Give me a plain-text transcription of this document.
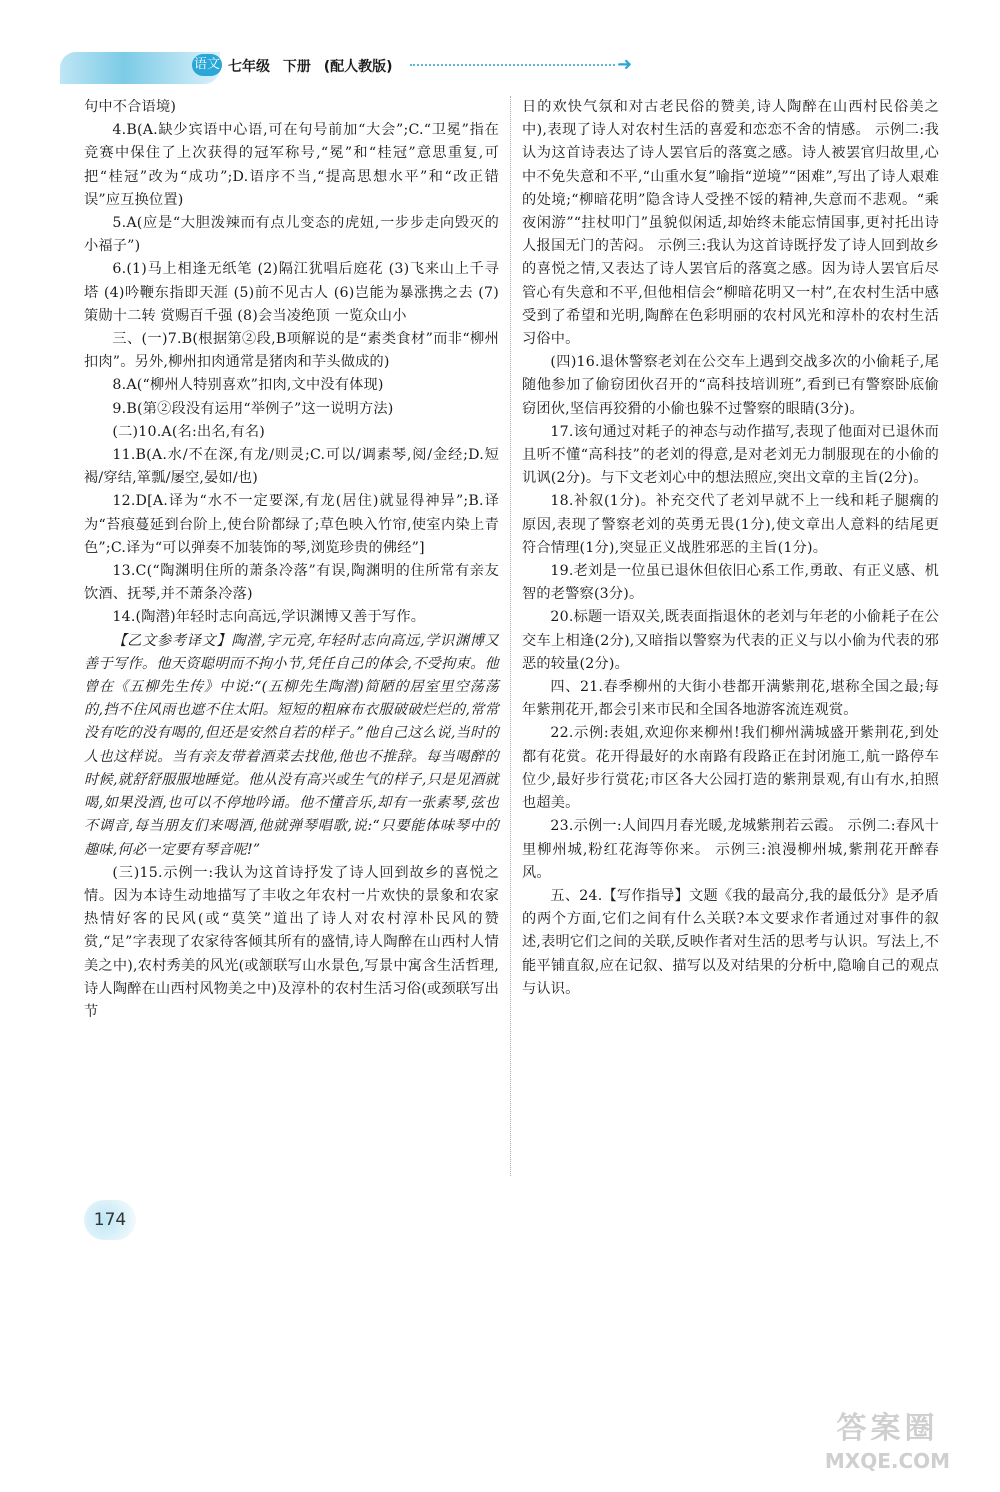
语文 七年级 下册 (配人教版)	➜

句中不合语境)

4.B(A.缺少宾语中心语,可在句号前加“大会”;C.“卫冕”指在竞赛中保住了上次获得的冠军称号,“冕”和“桂冠”意思重复,可把“桂冠”改为“成功”;D.语序不当,“提高思想水平”和“改正错误”应互换位置)

5.A(应是“大胆泼辣而有点儿变态的虎妞,一步步走向毁灭的小福子”)

6.(1)马上相逢无纸笔 (2)隔江犹唱后庭花 (3)飞来山上千寻塔 (4)吟鞭东指即天涯 (5)前不见古人 (6)岂能为暴涨携之去 (7)策勋十二转 赏赐百千强 (8)会当凌绝顶 一览众山小

三、(一)7.B(根据第②段,B项解说的是“素类食材”而非“柳州扣肉”。另外,柳州扣肉通常是猪肉和芋头做成的)

8.A(“柳州人特别喜欢”扣肉,文中没有体现)

9.B(第②段没有运用“举例子”这一说明方法)

(二)10.A(名:出名,有名)

11.B(A.水/不在深,有龙/则灵;C.可以/调素琴,阅/金经;D.短褐/穿结,箪瓢/屡空,晏如/也)

12.D[A.译为“水不一定要深,有龙(居住)就显得神异”;B.译为“苔痕蔓延到台阶上,使台阶都绿了;草色映入竹帘,使室内染上青色”;C.译为“可以弹奏不加装饰的琴,浏览珍贵的佛经”]

13.C(“陶渊明住所的萧条冷落”有误,陶渊明的住所常有亲友饮酒、抚琴,并不萧条冷落)

14.(陶潜)年轻时志向高远,学识渊博又善于写作。

【乙文参考译文】陶潜,字元亮,年轻时志向高远,学识渊博又善于写作。他天资聪明而不拘小节,凭任自己的体会,不受拘束。他曾在《五柳先生传》中说:“(五柳先生陶潜)简陋的居室里空荡荡的,挡不住风雨也遮不住太阳。短短的粗麻布衣服破破烂烂的,常常没有吃的没有喝的,但还是安然自若的样子。”他自己这么说,当时的人也这样说。当有亲友带着酒菜去找他,他也不推辞。每当喝醉的时候,就舒舒服服地睡觉。他从没有高兴或生气的样子,只是见酒就喝,如果没酒,也可以不停地吟诵。他不懂音乐,却有一张素琴,弦也不调音,每当朋友们来喝酒,他就弹琴唱歌,说:“只要能体味琴中的趣味,何必一定要有琴音呢!”

(三)15.示例一:我认为这首诗抒发了诗人回到故乡的喜悦之情。因为本诗生动地描写了丰收之年农村一片欢快的景象和农家热情好客的民风(或“莫笑”道出了诗人对农村淳朴民风的赞赏,“足”字表现了农家待客倾其所有的盛情,诗人陶醉在山西村人情美之中),农村秀美的风光(或颔联写山水景色,写景中寓含生活哲理,诗人陶醉在山西村风物美之中)及淳朴的农村生活习俗(或颈联写出节

日的欢快气氛和对古老民俗的赞美,诗人陶醉在山西村民俗美之中),表现了诗人对农村生活的喜爱和恋恋不舍的情感。 示例二:我认为这首诗表达了诗人罢官后的落寞之感。诗人被罢官归故里,心中不免失意和不平,“山重水复”喻指“逆境”“困难”,写出了诗人艰难的处境;“柳暗花明”隐含诗人受挫不馁的精神,失意而不悲观。“乘夜闲游”“拄杖叩门”虽貌似闲适,却始终未能忘情国事,更衬托出诗人报国无门的苦闷。 示例三:我认为这首诗既抒发了诗人回到故乡的喜悦之情,又表达了诗人罢官后的落寞之感。因为诗人罢官后尽管心有失意和不平,但他相信会“柳暗花明又一村”,在农村生活中感受到了希望和光明,陶醉在色彩明丽的农村风光和淳朴的农村生活习俗中。

(四)16.退休警察老刘在公交车上遇到交战多次的小偷耗子,尾随他参加了偷窃团伙召开的“高科技培训班”,看到已有警察卧底偷窃团伙,坚信再狡猾的小偷也躲不过警察的眼睛(3分)。

17.该句通过对耗子的神态与动作描写,表现了他面对已退休而且听不懂“高科技”的老刘的得意,是对老刘无力制服现在的小偷的讥讽(2分)。与下文老刘心中的想法照应,突出文章的主旨(2分)。

18.补叙(1分)。补充交代了老刘早就不上一线和耗子腿瘸的原因,表现了警察老刘的英勇无畏(1分),使文章出人意料的结尾更符合情理(1分),突显正义战胜邪恶的主旨(1分)。

19.老刘是一位虽已退休但依旧心系工作,勇敢、有正义感、机智的老警察(3分)。

20.标题一语双关,既表面指退休的老刘与年老的小偷耗子在公交车上相逢(2分),又暗指以警察为代表的正义与以小偷为代表的邪恶的较量(2分)。

四、21.春季柳州的大街小巷都开满紫荆花,堪称全国之最;每年紫荆花开,都会引来市民和全国各地游客流连观赏。

22.示例:表姐,欢迎你来柳州!我们柳州满城盛开紫荆花,到处都有花赏。花开得最好的水南路有段路正在封闭施工,航一路停车位少,最好步行赏花;市区各大公园打造的紫荆景观,有山有水,拍照也超美。

23.示例一:人间四月春光暖,龙城紫荆若云霞。 示例二:春风十里柳州城,粉红花海等你来。 示例三:浪漫柳州城,紫荆花开醉春风。

五、24.【写作指导】文题《我的最高分,我的最低分》是矛盾的两个方面,它们之间有什么关联?本文要求作者通过对事件的叙述,表明它们之间的关联,反映作者对生活的思考与认识。写法上,不能平铺直叙,应在记叙、描写以及对结果的分析中,隐喻自己的观点与认识。

174
答案圈
MXQE.COM
